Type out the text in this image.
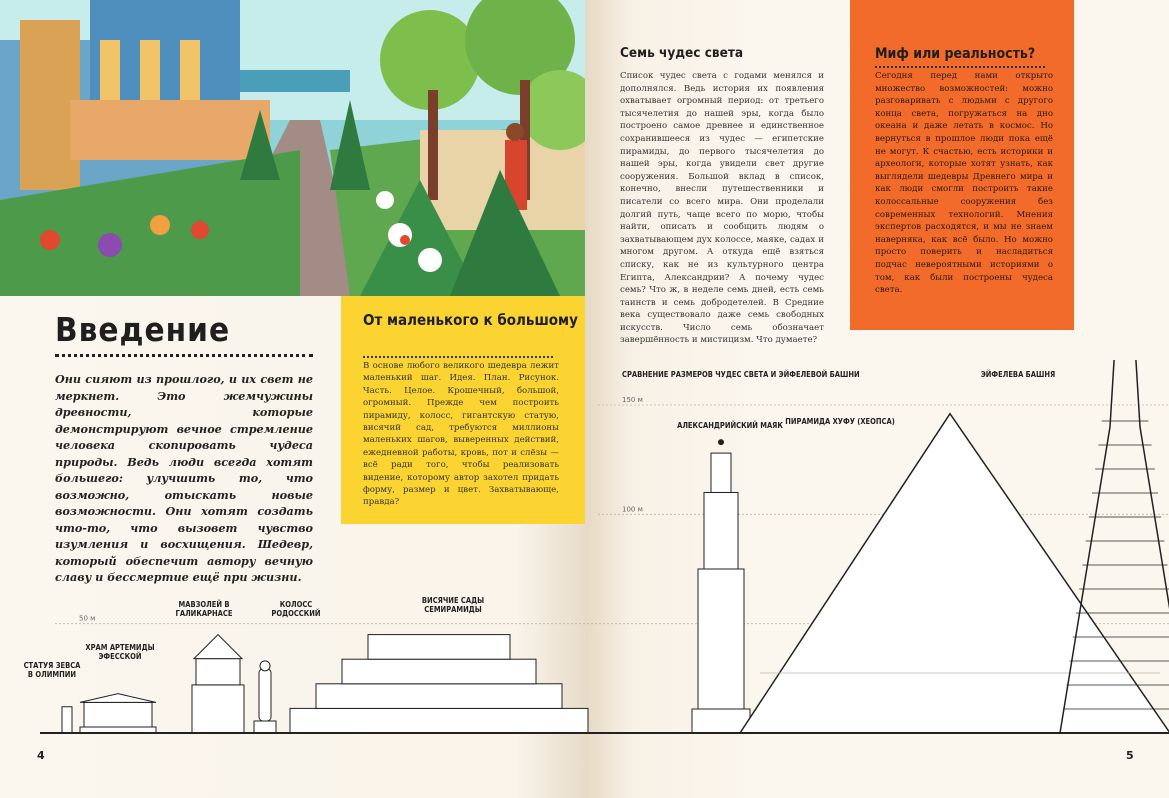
Введение
Они сияют из прошлого, и их свет не меркнет. Это жемчужины древности, которые демонстрируют вечное стремление человека скопировать чудеса природы. Ведь люди всегда хотят большего: улучшить то, что возможно, отыскать новые возможности. Они хотят создать что-то, что вызовет чувство изумления и восхищения. Шедевр, который обеспечит автору вечную славу и бессмертие ещё при жизни.
От маленького к большому

В основе любого великого шедевра лежит маленький шаг. Идея. План. Рисунок. Часть. Целое. Крошечный, большой, огромный. Прежде чем построить пирамиду, колосс, гигантскую статую, висячий сад, требуются миллионы маленьких шагов, выверенных действий, ежедневной работы, кровь, пот и слёзы — всё ради того, чтобы реализовать видение, которому автор захотел придать форму, размер и цвет. Захватывающе, правда?

4
Семь чудес света
Список чудес света с годами менялся и дополнялся. Ведь история их появления охватывает огромный период: от третьего тысячелетия до нашей эры, когда было построено самое древнее и единственное сохранившееся из чудес — египетские пирамиды, до первого тысячелетия до нашей эры, когда увидели свет другие сооружения. Большой вклад в список, конечно, внесли путешественники и писатели со всего мира. Они проделали долгий путь, чаще всего по морю, чтобы найти, описать и сообщить людям о захватывающем дух колоссе, маяке, садах и многом другом. А откуда ещё взяться списку, как не из культурного центра Египта, Александрии? А почему чудес семь? Что ж, в неделе семь дней, есть семь таинств и семь добродетелей. В Средние века существовало даже семь свободных искусств. Число семь обозначает завершённость и мистицизм. Что думаете?
Миф или реальность?

Сегодня перед нами открыто множество возможностей: можно разговаривать с людьми с другого конца света, погружаться на дно океана и даже летать в космос. Но вернуться в прошлое люди пока ещё не могут. К счастью, есть историки и археологи, которые хотят узнать, как выглядели шедевры Древнего мира и как люди смогли построить такие колоссальные сооружения без современных технологий. Мнения экспертов расходятся, и мы не знаем наверняка, как всё было. Но можно просто поверить и насладиться подчас невероятными историями о том, как были построены чудеса света.

5
СРАВНЕНИЕ РАЗМЕРОВ ЧУДЕС СВЕТА И ЭЙФЕЛЕВОЙ БАШНИ
50 м
100 м
150 м
СТАТУЯ ЗЕВСА
В ОЛИМПИИ
ХРАМ АРТЕМИДЫ
ЭФЕССКОЙ
МАВЗОЛЕЙ В
ГАЛИКАРНАСЕ
КОЛОСС
РОДОССКИЙ
ВИСЯЧИЕ САДЫ
СЕМИРАМИДЫ
АЛЕКСАНДРИЙСКИЙ МАЯК ПИРАМИДА ХУФУ (ХЕОПСА)
ЭЙФЕЛЕВА БАШНЯ
